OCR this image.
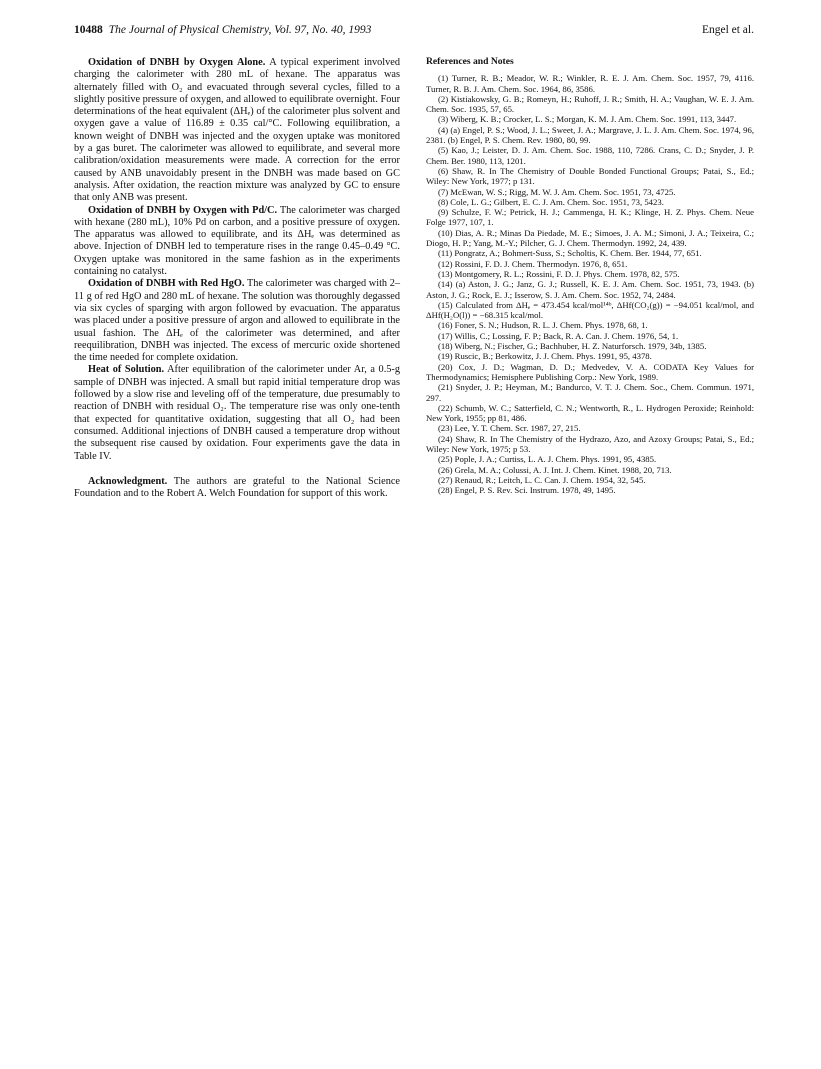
10488 The Journal of Physical Chemistry, Vol. 97, No. 40, 1993	Engel et al.

Oxidation of DNBH by Oxygen Alone. A typical experiment involved charging the calorimeter with 280 mL of hexane. The apparatus was alternately filled with O₂ and evacuated through several cycles, filled to a slightly positive pressure of oxygen, and allowed to equilibrate overnight. Four determinations of the heat equivalent (ΔHₑ) of the calorimeter plus solvent and oxygen gave a value of 116.89 ± 0.35 cal/°C. Following equilibration, a known weight of DNBH was injected and the oxygen uptake was monitored by a gas buret. The calorimeter was allowed to equilibrate, and several more calibration/oxidation measurements were made. A correction for the error caused by ANB unavoidably present in the DNBH was made based on GC analysis. After oxidation, the reaction mixture was analyzed by GC to ensure that only ANB was present.

Oxidation of DNBH by Oxygen with Pd/C. The calorimeter was charged with hexane (280 mL), 10% Pd on carbon, and a positive pressure of oxygen. The apparatus was allowed to equilibrate, and its ΔHₑ was determined as above. Injection of DNBH led to temperature rises in the range 0.45–0.49 °C. Oxygen uptake was monitored in the same fashion as in the experiments containing no catalyst.

Oxidation of DNBH with Red HgO. The calorimeter was charged with 2–11 g of red HgO and 280 mL of hexane. The solution was thoroughly degassed via six cycles of sparging with argon followed by evacuation. The apparatus was placed under a positive pressure of argon and allowed to equilibrate in the usual fashion. The ΔHₑ of the calorimeter was determined, and after reequilibration, DNBH was injected. The excess of mercuric oxide shortened the time needed for complete oxidation.

Heat of Solution. After equilibration of the calorimeter under Ar, a 0.5-g sample of DNBH was injected. A small but rapid initial temperature drop was followed by a slow rise and leveling off of the temperature, due presumably to reaction of DNBH with residual O₂. The temperature rise was only one-tenth that expected for quantitative oxidation, suggesting that all O₂ had been consumed. Additional injections of DNBH caused a temperature drop without the subsequent rise caused by oxidation. Four experiments gave the data in Table IV.

Acknowledgment. The authors are grateful to the National Science Foundation and to the Robert A. Welch Foundation for support of this work.

References and Notes

(1) Turner, R. B.; Meador, W. R.; Winkler, R. E. J. Am. Chem. Soc. 1957, 79, 4116. Turner, R. B. J. Am. Chem. Soc. 1964, 86, 3586.

(2) Kistiakowsky, G. B.; Romeyn, H.; Ruhoff, J. R.; Smith, H. A.; Vaughan, W. E. J. Am. Chem. Soc. 1935, 57, 65.

(3) Wiberg, K. B.; Crocker, L. S.; Morgan, K. M. J. Am. Chem. Soc. 1991, 113, 3447.

(4) (a) Engel, P. S.; Wood, J. L.; Sweet, J. A.; Margrave, J. L. J. Am. Chem. Soc. 1974, 96, 2381. (b) Engel, P. S. Chem. Rev. 1980, 80, 99.

(5) Kao, J.; Leister, D. J. Am. Chem. Soc. 1988, 110, 7286. Crans, C. D.; Snyder, J. P. Chem. Ber. 1980, 113, 1201.

(6) Shaw, R. In The Chemistry of Double Bonded Functional Groups; Patai, S., Ed.; Wiley: New York, 1977; p 131.

(7) McEwan, W. S.; Rigg, M. W. J. Am. Chem. Soc. 1951, 73, 4725.

(8) Cole, L. G.; Gilbert, E. C. J. Am. Chem. Soc. 1951, 73, 5423.

(9) Schulze, F. W.; Petrick, H. J.; Cammenga, H. K.; Klinge, H. Z. Phys. Chem. Neue Folge 1977, 107, 1.

(10) Dias, A. R.; Minas Da Piedade, M. E.; Simoes, J. A. M.; Simoni, J. A.; Teixeira, C.; Diogo, H. P.; Yang, M.-Y.; Pilcher, G. J. Chem. Thermodyn. 1992, 24, 439.

(11) Pongratz, A.; Bohmert-Suss, S.; Scholtis, K. Chem. Ber. 1944, 77, 651.

(12) Rossini, F. D. J. Chem. Thermodyn. 1976, 8, 651.

(13) Montgomery, R. L.; Rossini, F. D. J. Phys. Chem. 1978, 82, 575.

(14) (a) Aston, J. G.; Janz, G. J.; Russell, K. E. J. Am. Chem. Soc. 1951, 73, 1943. (b) Aston, J. G.; Rock, E. J.; Isserow, S. J. Am. Chem. Soc. 1952, 74, 2484.

(15) Calculated from ΔHₑ = 473.454 kcal/mol¹⁴ᵇ, ΔHf(CO₂(g)) = −94.051 kcal/mol, and ΔHf(H₂O(l)) = −68.315 kcal/mol.

(16) Foner, S. N.; Hudson, R. L. J. Chem. Phys. 1978, 68, 1.

(17) Willis, C.; Lossing, F. P.; Back, R. A. Can. J. Chem. 1976, 54, 1.

(18) Wiberg, N.; Fischer, G.; Bachhuber, H. Z. Naturforsch. 1979, 34b, 1385.

(19) Ruscic, B.; Berkowitz, J. J. Chem. Phys. 1991, 95, 4378.

(20) Cox, J. D.; Wagman, D. D.; Medvedev, V. A. CODATA Key Values for Thermodynamics; Hemisphere Publishing Corp.: New York, 1989.

(21) Snyder, J. P.; Heyman, M.; Bandurco, V. T. J. Chem. Soc., Chem. Commun. 1971, 297.

(22) Schumb, W. C.; Satterfield, C. N.; Wentworth, R., L. Hydrogen Peroxide; Reinhold: New York, 1955; pp 81, 486.

(23) Lee, Y. T. Chem. Scr. 1987, 27, 215.

(24) Shaw, R. In The Chemistry of the Hydrazo, Azo, and Azoxy Groups; Patai, S., Ed.; Wiley: New York, 1975; p 53.

(25) Pople, J. A.; Curtiss, L. A. J. Chem. Phys. 1991, 95, 4385.

(26) Grela, M. A.; Colussi, A. J. Int. J. Chem. Kinet. 1988, 20, 713.

(27) Renaud, R.; Leitch, L. C. Can. J. Chem. 1954, 32, 545.

(28) Engel, P. S. Rev. Sci. Instrum. 1978, 49, 1495.
